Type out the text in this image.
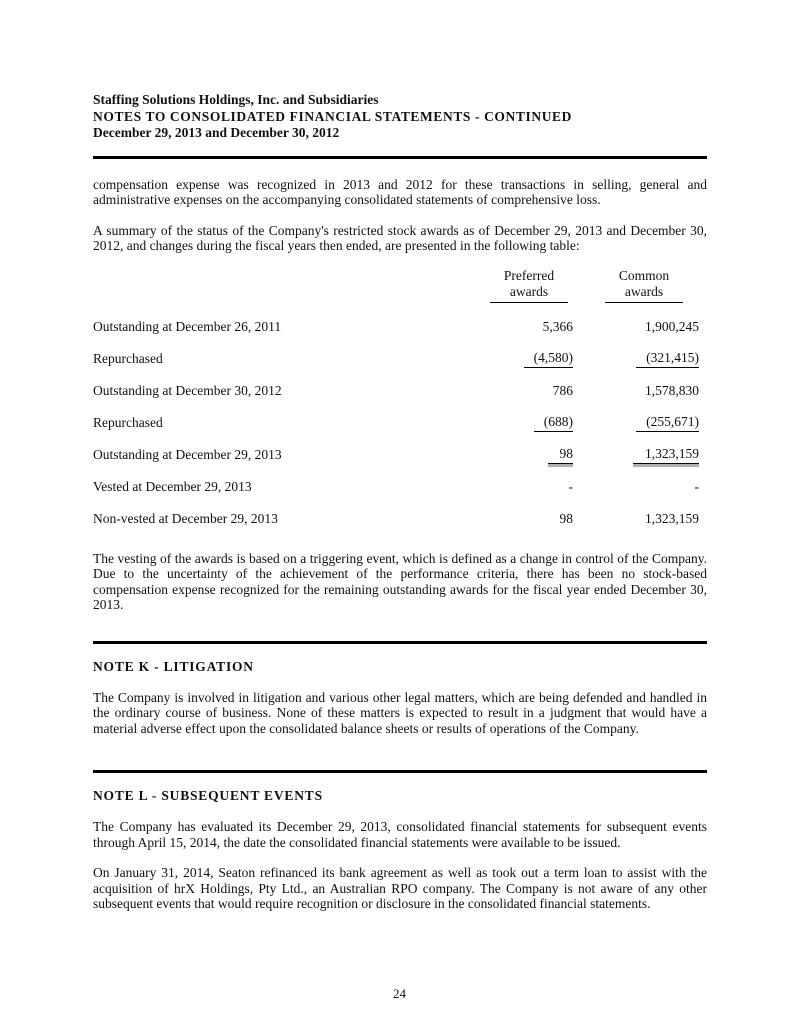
Staffing Solutions Holdings, Inc. and Subsidiaries
NOTES TO CONSOLIDATED FINANCIAL STATEMENTS - CONTINUED
December 29, 2013 and December 30, 2012

compensation expense was recognized in 2013 and 2012 for these transactions in selling, general and administrative expenses on the accompanying consolidated statements of comprehensive loss.

A summary of the status of the Company's restricted stock awards as of December 29, 2013 and December 30, 2012, and changes during the fiscal years then ended, are presented in the following table:

Preferred
awards
Common
awards
Outstanding at December 26, 2011	5,366	1,900,245
Repurchased	(4,580)	(321,415)
Outstanding at December 30, 2012	786	1,578,830
Repurchased	(688)	(255,671)
Outstanding at December 29, 2013	98	1,323,159
Vested at December 29, 2013	-	-
Non-vested at December 29, 2013	98	1,323,159

The vesting of the awards is based on a triggering event, which is defined as a change in control of the Company. Due to the uncertainty of the achievement of the performance criteria, there has been no stock-based compensation expense recognized for the remaining outstanding awards for the fiscal year ended December 30, 2013.

NOTE K - LITIGATION

The Company is involved in litigation and various other legal matters, which are being defended and handled in the ordinary course of business. None of these matters is expected to result in a judgment that would have a material adverse effect upon the consolidated balance sheets or results of operations of the Company.

NOTE L - SUBSEQUENT EVENTS

The Company has evaluated its December 29, 2013, consolidated financial statements for subsequent events through April 15, 2014, the date the consolidated financial statements were available to be issued.

On January 31, 2014, Seaton refinanced its bank agreement as well as took out a term loan to assist with the acquisition of hrX Holdings, Pty Ltd., an Australian RPO company. The Company is not aware of any other subsequent events that would require recognition or disclosure in the consolidated financial statements.

24
